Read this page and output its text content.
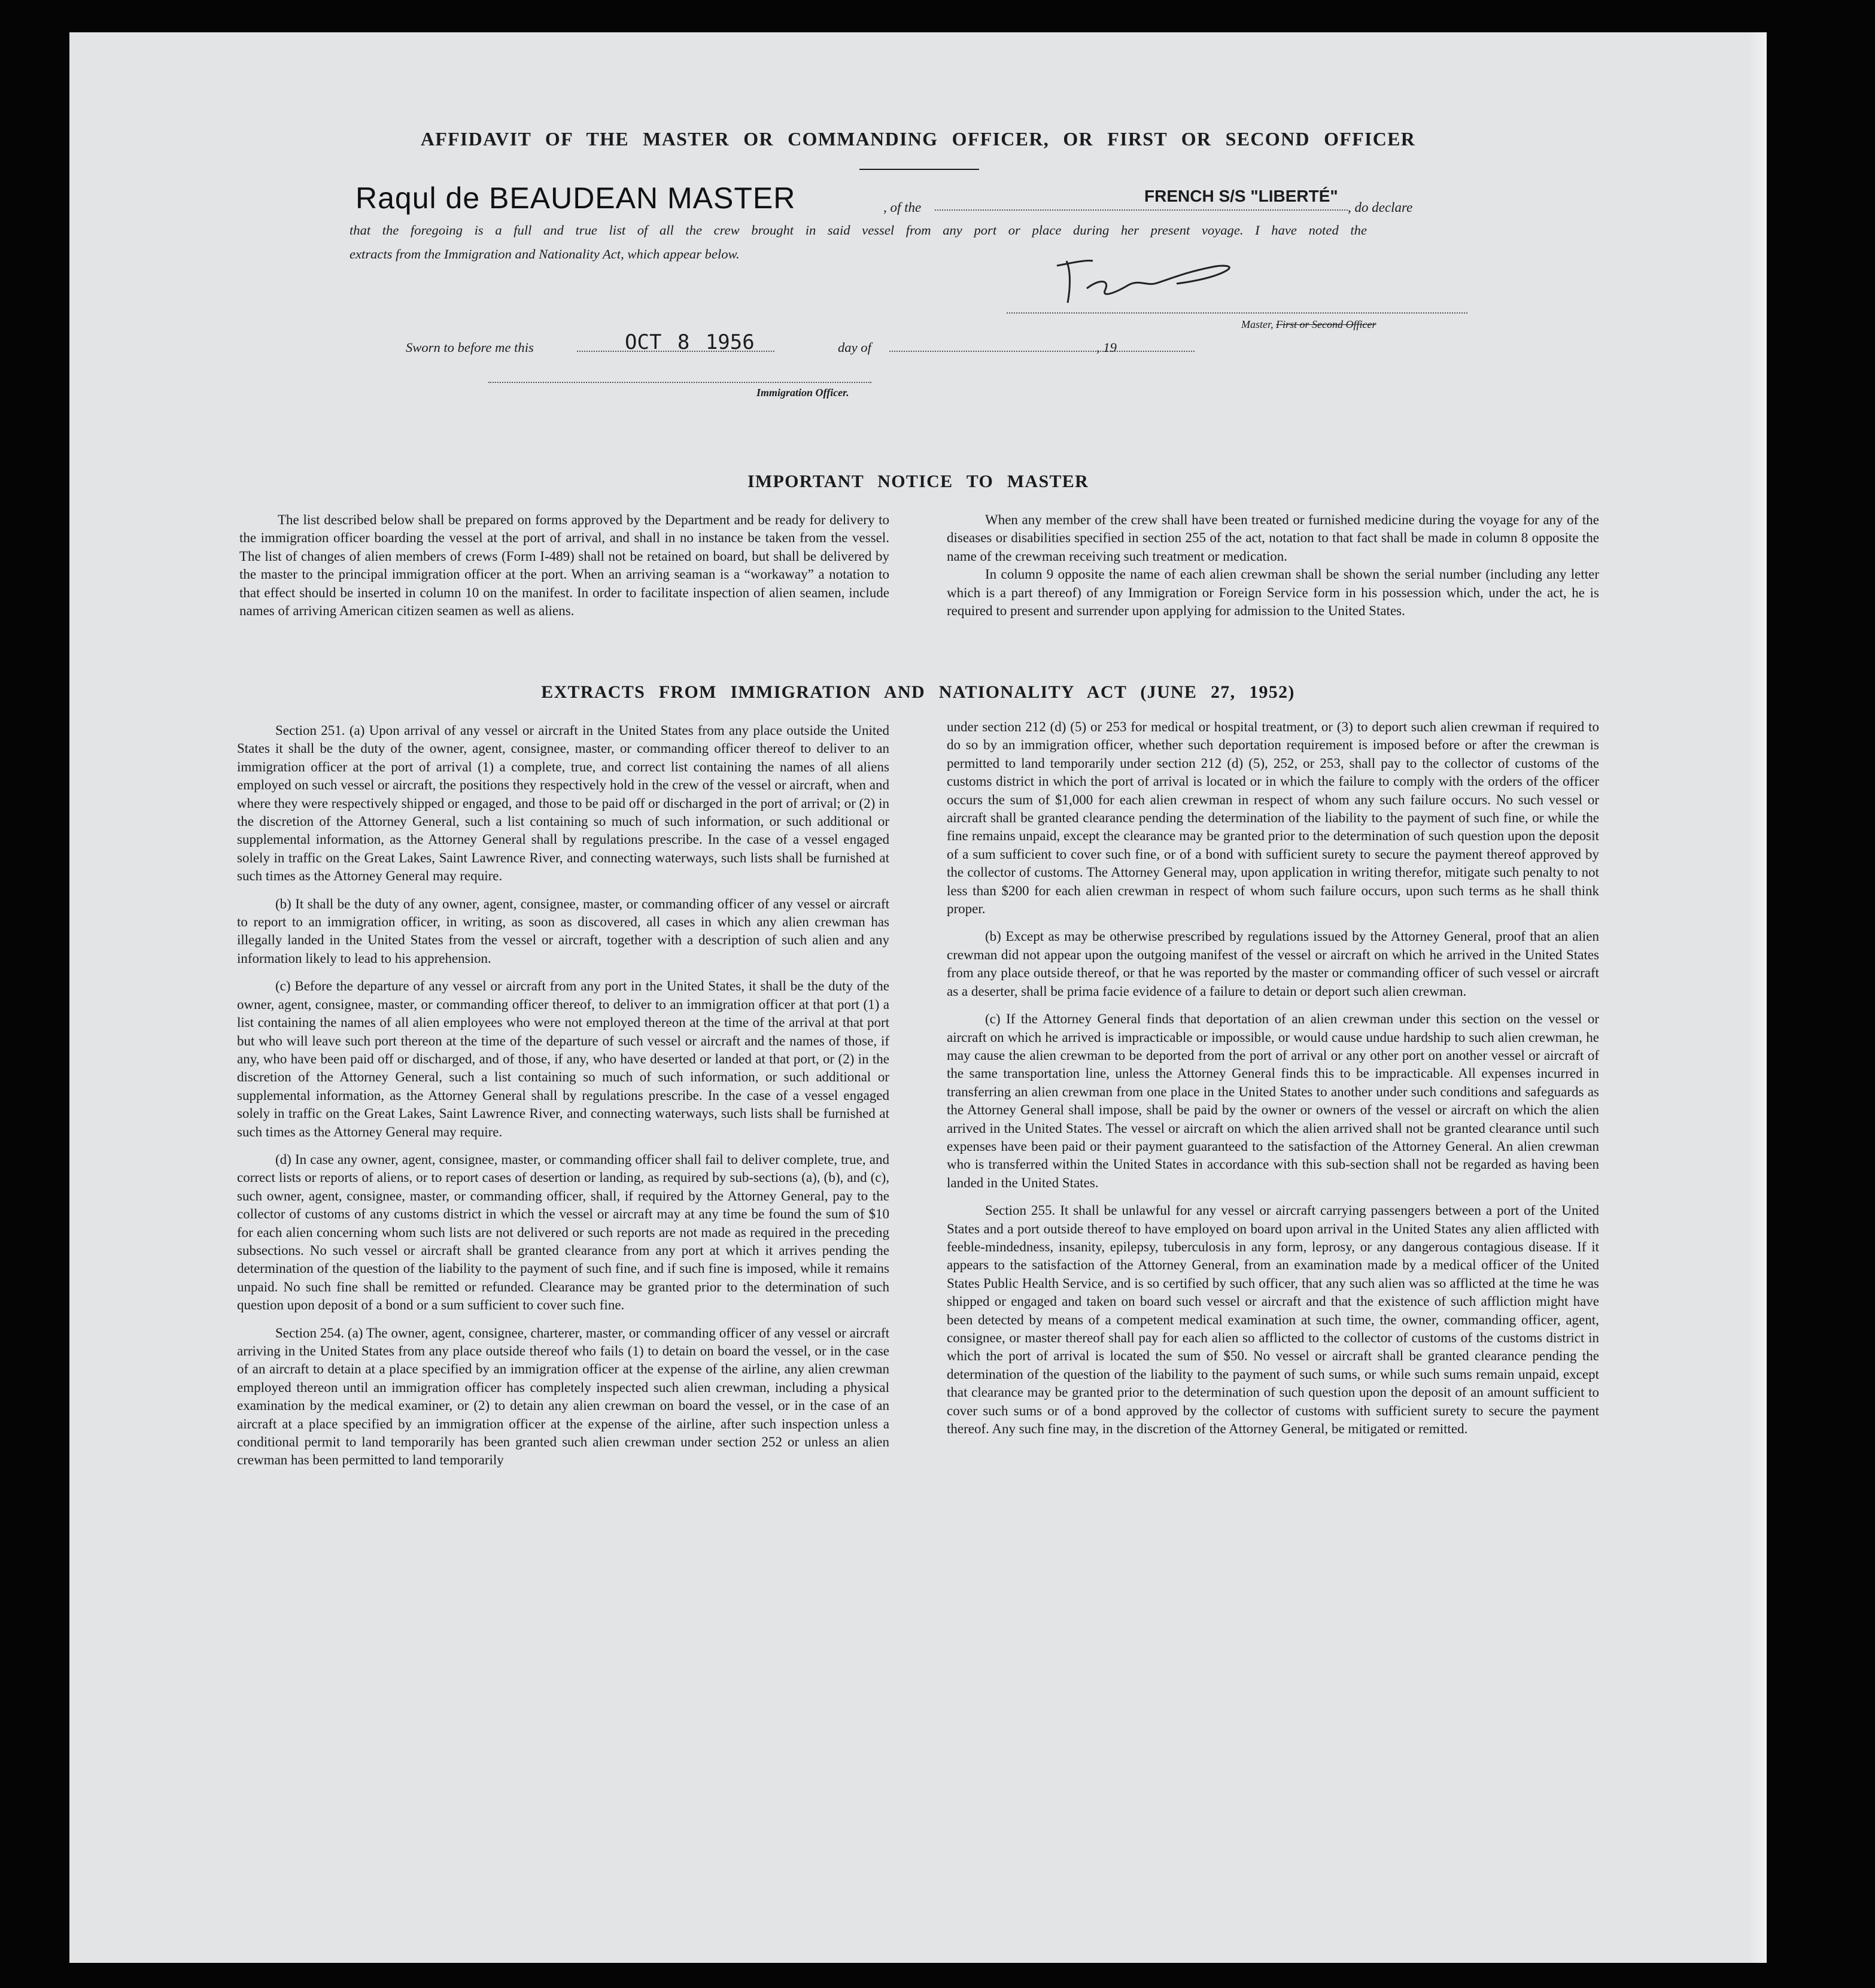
AFFIDAVIT OF THE MASTER OR COMMANDING OFFICER, OR FIRST OR SECOND OFFICER
Raqul de BEAUDEAN MASTER	, of the
FRENCH S/S "LIBERTÉ"
, do declare
that the foregoing is a full and true list of all the crew brought in said vessel from any port or place during her present voyage. I have noted the
extracts from the Immigration and Nationality Act, which appear below.
Master, First or Second Officer
Sworn to before me this	OCT 8 1956	day of	, 19
Immigration Officer.
IMPORTANT NOTICE TO MASTER

The list described below shall be prepared on forms approved by the Department and be ready for delivery to the immigration officer boarding the vessel at the port of arrival, and shall in no instance be taken from the vessel. The list of changes of alien members of crews (Form I-489) shall not be retained on board, but shall be delivered by the master to the principal immigration officer at the port. When an arriving seaman is a “workaway” a notation to that effect should be inserted in column 10 on the manifest. In order to facilitate inspection of alien seamen, include names of arriving American citizen seamen as well as aliens.

When any member of the crew shall have been treated or furnished medicine during the voyage for any of the diseases or disabilities specified in section 255 of the act, notation to that fact shall be made in column 8 opposite the name of the crewman receiving such treatment or medication.

In column 9 opposite the name of each alien crewman shall be shown the serial number (including any letter which is a part thereof) of any Immigration or Foreign Service form in his possession which, under the act, he is required to present and surrender upon applying for admission to the United States.

EXTRACTS FROM IMMIGRATION AND NATIONALITY ACT (JUNE 27, 1952)

Section 251. (a) Upon arrival of any vessel or aircraft in the United States from any place outside the United States it shall be the duty of the owner, agent, consignee, master, or commanding officer thereof to deliver to an immigration officer at the port of arrival (1) a complete, true, and correct list containing the names of all aliens employed on such vessel or aircraft, the positions they respectively hold in the crew of the vessel or aircraft, when and where they were respectively shipped or engaged, and those to be paid off or discharged in the port of arrival; or (2) in the discretion of the Attorney General, such a list containing so much of such information, or such additional or supplemental information, as the Attorney General shall by regulations prescribe. In the case of a vessel engaged solely in traffic on the Great Lakes, Saint Lawrence River, and connecting waterways, such lists shall be furnished at such times as the Attorney General may require.

(b) It shall be the duty of any owner, agent, consignee, master, or commanding officer of any vessel or aircraft to report to an immigration officer, in writing, as soon as discovered, all cases in which any alien crewman has illegally landed in the United States from the vessel or aircraft, together with a description of such alien and any information likely to lead to his apprehension.

(c) Before the departure of any vessel or aircraft from any port in the United States, it shall be the duty of the owner, agent, consignee, master, or commanding officer thereof, to deliver to an immigration officer at that port (1) a list containing the names of all alien employees who were not employed thereon at the time of the arrival at that port but who will leave such port thereon at the time of the departure of such vessel or aircraft and the names of those, if any, who have been paid off or discharged, and of those, if any, who have deserted or landed at that port, or (2) in the discretion of the Attorney General, such a list containing so much of such information, or such additional or supplemental information, as the Attorney General shall by regulations prescribe. In the case of a vessel engaged solely in traffic on the Great Lakes, Saint Lawrence River, and connecting waterways, such lists shall be furnished at such times as the Attorney General may require.

(d) In case any owner, agent, consignee, master, or commanding officer shall fail to deliver complete, true, and correct lists or reports of aliens, or to report cases of desertion or landing, as required by sub-sections (a), (b), and (c), such owner, agent, consignee, master, or commanding officer, shall, if required by the Attorney General, pay to the collector of customs of any customs district in which the vessel or aircraft may at any time be found the sum of $10 for each alien concerning whom such lists are not delivered or such reports are not made as required in the preceding subsections. No such vessel or aircraft shall be granted clearance from any port at which it arrives pending the determination of the question of the liability to the payment of such fine, and if such fine is imposed, while it remains unpaid. No such fine shall be remitted or refunded. Clearance may be granted prior to the determination of such question upon deposit of a bond or a sum sufficient to cover such fine.

Section 254. (a) The owner, agent, consignee, charterer, master, or commanding officer of any vessel or aircraft arriving in the United States from any place outside thereof who fails (1) to detain on board the vessel, or in the case of an aircraft to detain at a place specified by an immigration officer at the expense of the airline, any alien crewman employed thereon until an immigration officer has completely inspected such alien crewman, including a physical examination by the medical examiner, or (2) to detain any alien crewman on board the vessel, or in the case of an aircraft at a place specified by an immigration officer at the expense of the airline, after such inspection unless a conditional permit to land temporarily has been granted such alien crewman under section 252 or unless an alien crewman has been permitted to land temporarily

under section 212 (d) (5) or 253 for medical or hospital treatment, or (3) to deport such alien crewman if required to do so by an immigration officer, whether such deportation requirement is imposed before or after the crewman is permitted to land temporarily under section 212 (d) (5), 252, or 253, shall pay to the collector of customs of the customs district in which the port of arrival is located or in which the failure to comply with the orders of the officer occurs the sum of $1,000 for each alien crewman in respect of whom any such failure occurs. No such vessel or aircraft shall be granted clearance pending the determination of the liability to the payment of such fine, or while the fine remains unpaid, except the clearance may be granted prior to the determination of such question upon the deposit of a sum sufficient to cover such fine, or of a bond with sufficient surety to secure the payment thereof approved by the collector of customs. The Attorney General may, upon application in writing therefor, mitigate such penalty to not less than $200 for each alien crewman in respect of whom such failure occurs, upon such terms as he shall think proper.

(b) Except as may be otherwise prescribed by regulations issued by the Attorney General, proof that an alien crewman did not appear upon the outgoing manifest of the vessel or aircraft on which he arrived in the United States from any place outside thereof, or that he was reported by the master or commanding officer of such vessel or aircraft as a deserter, shall be prima facie evidence of a failure to detain or deport such alien crewman.

(c) If the Attorney General finds that deportation of an alien crewman under this section on the vessel or aircraft on which he arrived is impracticable or impossible, or would cause undue hardship to such alien crewman, he may cause the alien crewman to be deported from the port of arrival or any other port on another vessel or aircraft of the same transportation line, unless the Attorney General finds this to be impracticable. All expenses incurred in transferring an alien crewman from one place in the United States to another under such conditions and safeguards as the Attorney General shall impose, shall be paid by the owner or owners of the vessel or aircraft on which the alien arrived in the United States. The vessel or aircraft on which the alien arrived shall not be granted clearance until such expenses have been paid or their payment guaranteed to the satisfaction of the Attorney General. An alien crewman who is transferred within the United States in accordance with this sub-section shall not be regarded as having been landed in the United States.

Section 255. It shall be unlawful for any vessel or aircraft carrying passengers between a port of the United States and a port outside thereof to have employed on board upon arrival in the United States any alien afflicted with feeble-mindedness, insanity, epilepsy, tuberculosis in any form, leprosy, or any dangerous contagious disease. If it appears to the satisfaction of the Attorney General, from an examination made by a medical officer of the United States Public Health Service, and is so certified by such officer, that any such alien was so afflicted at the time he was shipped or engaged and taken on board such vessel or aircraft and that the existence of such affliction might have been detected by means of a competent medical examination at such time, the owner, commanding officer, agent, consignee, or master thereof shall pay for each alien so afflicted to the collector of customs of the customs district in which the port of arrival is located the sum of $50. No vessel or aircraft shall be granted clearance pending the determination of the question of the liability to the payment of such sums, or while such sums remain unpaid, except that clearance may be granted prior to the determination of such question upon the deposit of an amount sufficient to cover such sums or of a bond approved by the collector of customs with sufficient surety to secure the payment thereof. Any such fine may, in the discretion of the Attorney General, be mitigated or remitted.
